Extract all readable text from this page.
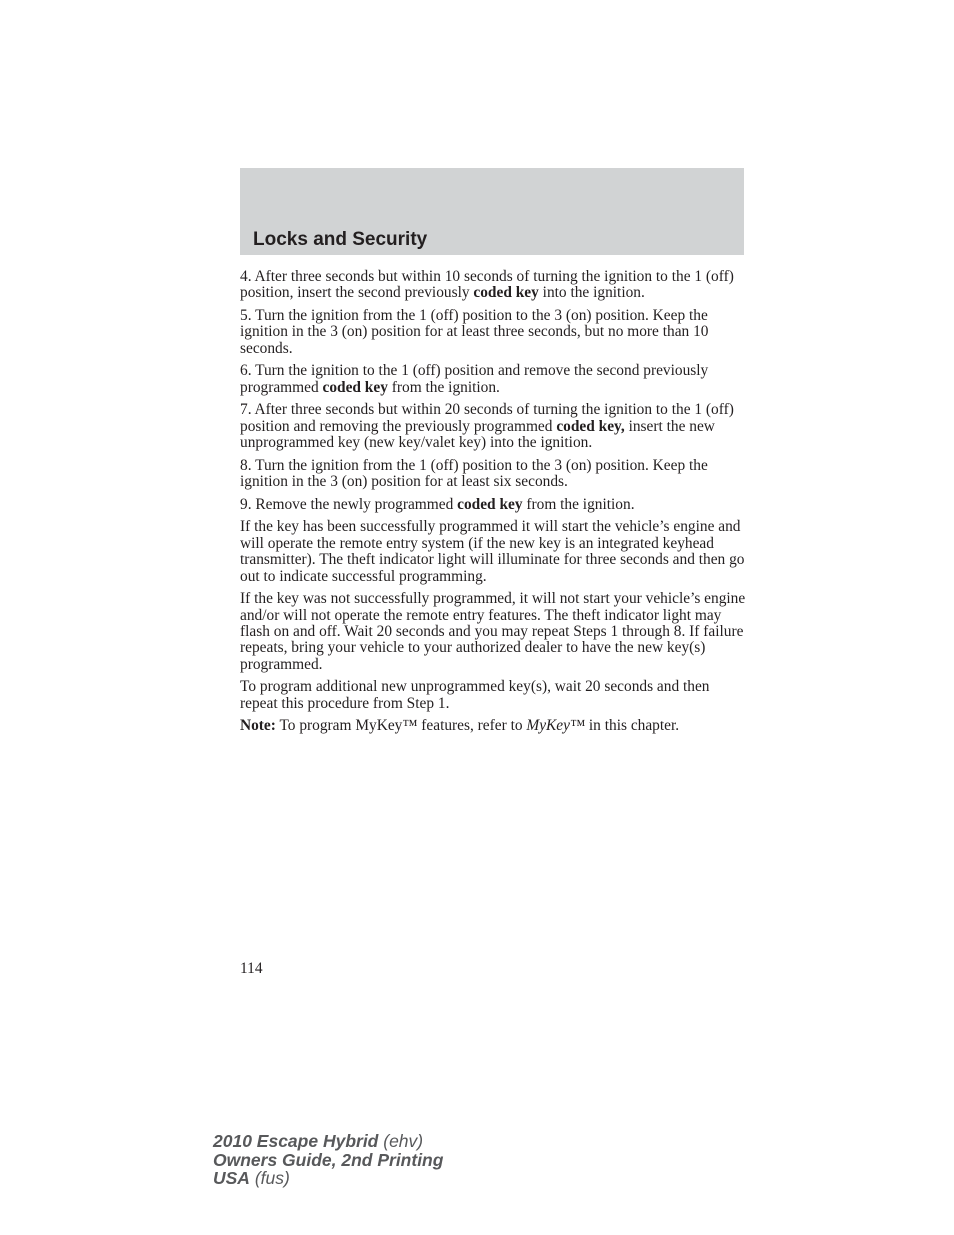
Locks and Security

4. After three seconds but within 10 seconds of turning the ignition to the 1 (off) position, insert the second previously coded key into the ignition.

5. Turn the ignition from the 1 (off) position to the 3 (on) position. Keep the ignition in the 3 (on) position for at least three seconds, but no more than 10 seconds.

6. Turn the ignition to the 1 (off) position and remove the second previously programmed coded key from the ignition.

7. After three seconds but within 20 seconds of turning the ignition to the 1 (off) position and removing the previously programmed coded key, insert the new unprogrammed key (new key/valet key) into the ignition.

8. Turn the ignition from the 1 (off) position to the 3 (on) position. Keep the ignition in the 3 (on) position for at least six seconds.

9. Remove the newly programmed coded key from the ignition.

If the key has been successfully programmed it will start the vehicle’s engine and will operate the remote entry system (if the new key is an integrated keyhead transmitter). The theft indicator light will illuminate for three seconds and then go out to indicate successful programming.

If the key was not successfully programmed, it will not start your vehicle’s engine and/or will not operate the remote entry features. The theft indicator light may flash on and off. Wait 20 seconds and you may repeat Steps 1 through 8. If failure repeats, bring your vehicle to your authorized dealer to have the new key(s) programmed.

To program additional new unprogrammed key(s), wait 20 seconds and then repeat this procedure from Step 1.

Note: To program MyKey™ features, refer to MyKey™ in this chapter.

114
2010 Escape Hybrid (ehv)
Owners Guide, 2nd Printing
USA (fus)
